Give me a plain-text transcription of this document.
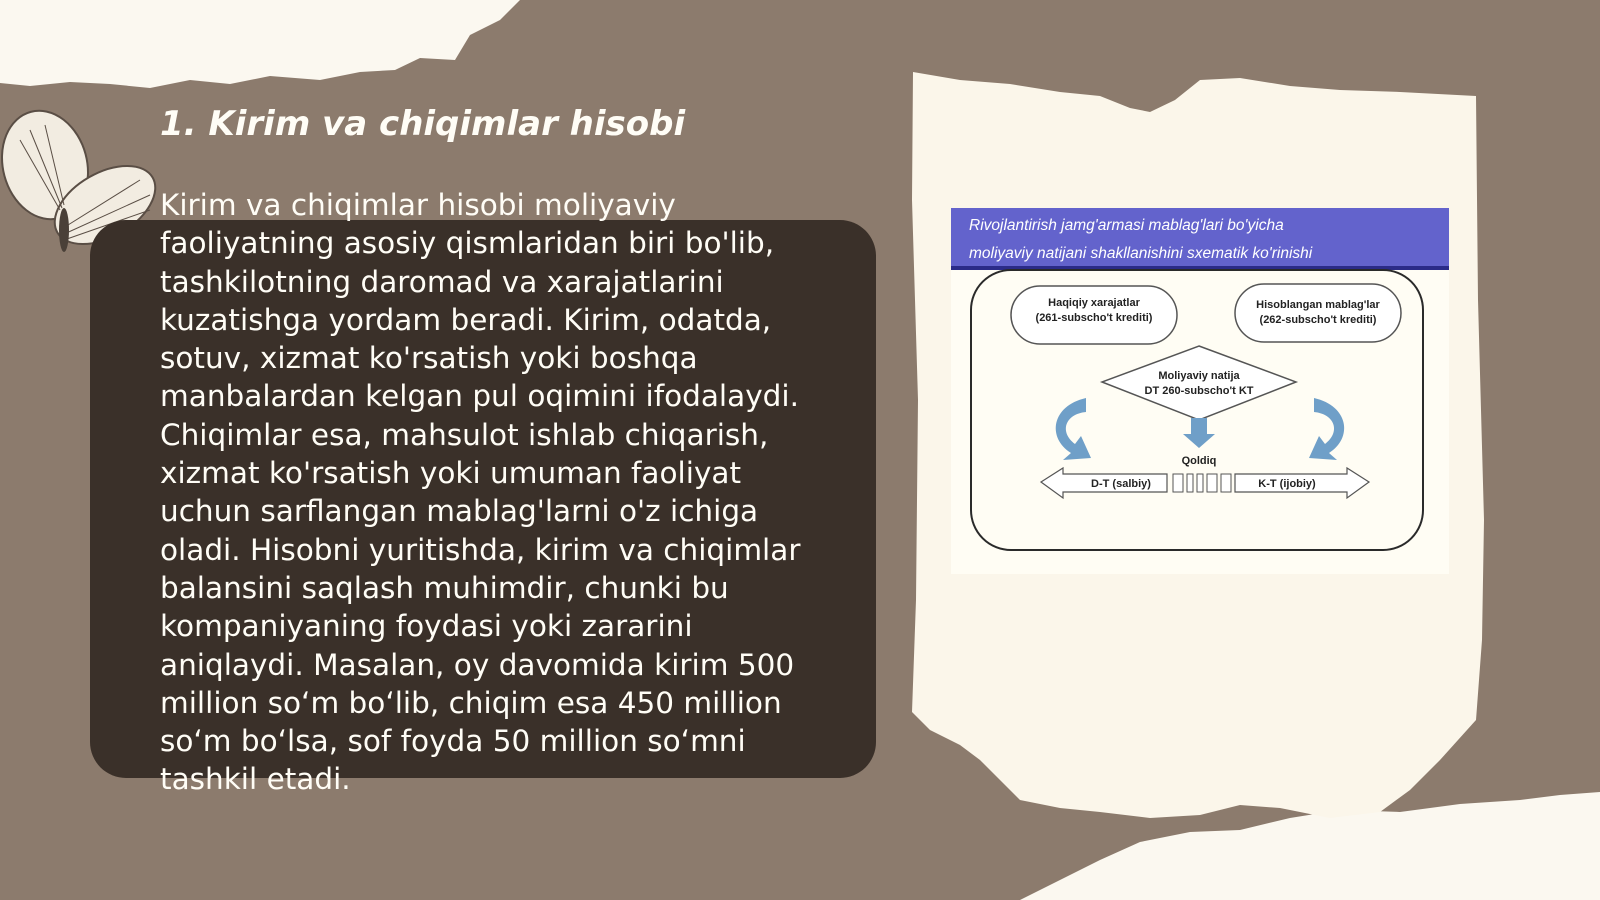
1. Kirim va chiqimlar hisobi

Kirim va chiqimlar hisobi moliyaviy faoliyatning asosiy qismlaridan biri bo'lib, tashkilotning daromad va xarajatlarini kuzatishga yordam beradi. Kirim, odatda, sotuv, xizmat ko'rsatish yoki boshqa manbalardan kelgan pul oqimini ifodalaydi. Chiqimlar esa, mahsulot ishlab chiqarish, xizmat ko'rsatish yoki umuman faoliyat uchun sarflangan mablag'larni o'z ichiga oladi. Hisobni yuritishda, kirim va chiqimlar balansini saqlash muhimdir, chunki bu kompaniyaning foydasi yoki zararini aniqlaydi. Masalan, oy davomida kirim 500 million so‘m bo‘lib, chiqim esa 450 million so‘m bo‘lsa, sof foyda 50 million so‘mni tashkil etadi.

Rivojlantirish jamg'armasi mablag'lari bo'yicha
moliyaviy natijani shakllanishini sxematik ko'rinishi
Haqiqiy xarajatlar
(261-subscho't krediti)
Hisoblangan mablag'lar
(262-subscho't krediti)
Moliyaviy natija
DT 260-subscho't KT
Qoldiq
D-T (salbiy)	K-T (ijobiy)
